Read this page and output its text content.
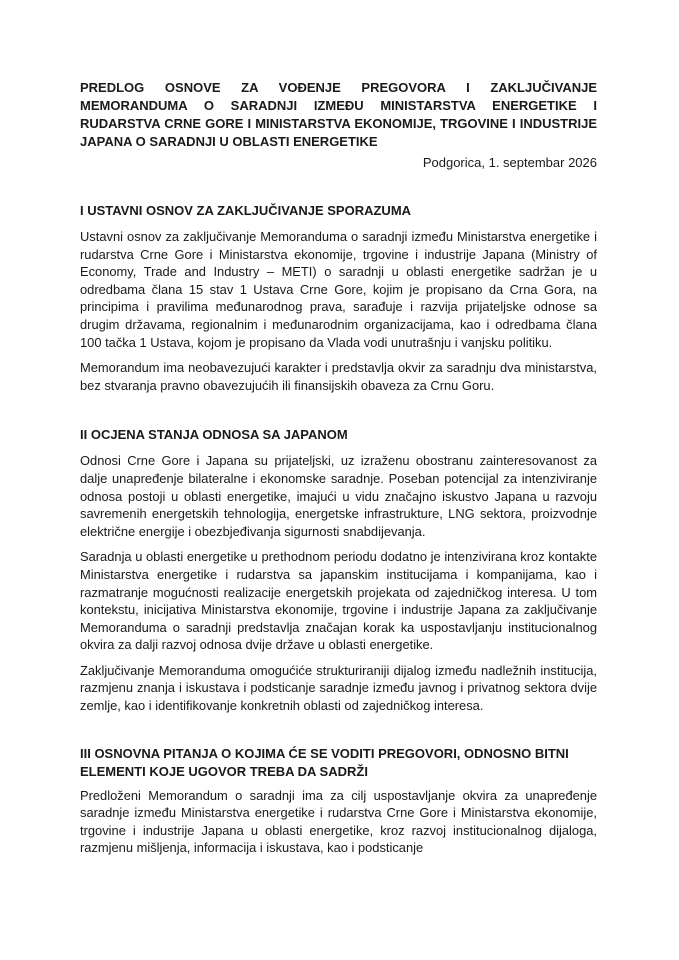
PREDLOG OSNOVE ZA VOĐENJE PREGOVORA I ZAKLJUČIVANJE MEMORANDUMA O SARADNJI IZMEĐU MINISTARSTVA ENERGETIKE I RUDARSTVA CRNE GORE I MINISTARSTVA EKONOMIJE, TRGOVINE I INDUSTRIJE JAPANA O SARADNJI U OBLASTI ENERGETIKE

Podgorica, 1. septembar 2026

I USTAVNI OSNOV ZA ZAKLJUČIVANJE SPORAZUMA

Ustavni osnov za zaključivanje Memoranduma o saradnji između Ministarstva energetike i rudarstva Crne Gore i Ministarstva ekonomije, trgovine i industrije Japana (Ministry of Economy, Trade and Industry – METI) o saradnji u oblasti energetike sadržan je u odredbama člana 15 stav 1 Ustava Crne Gore, kojim je propisano da Crna Gora, na principima i pravilima međunarodnog prava, sarađuje i razvija prijateljske odnose sa drugim državama, regionalnim i međunarodnim organizacijama, kao i odredbama člana 100 tačka 1 Ustava, kojom je propisano da Vlada vodi unutrašnju i vanjsku politiku.

Memorandum ima neobavezujući karakter i predstavlja okvir za saradnju dva ministarstva, bez stvaranja pravno obavezujućih ili finansijskih obaveza za Crnu Goru.

II OCJENA STANJA ODNOSA SA JAPANOM

Odnosi Crne Gore i Japana su prijateljski, uz izraženu obostranu zainteresovanost za dalje unapređenje bilateralne i ekonomske saradnje. Poseban potencijal za intenziviranje odnosa postoji u oblasti energetike, imajući u vidu značajno iskustvo Japana u razvoju savremenih energetskih tehnologija, energetske infrastrukture, LNG sektora, proizvodnje električne energije i obezbjeđivanja sigurnosti snabdijevanja.

Saradnja u oblasti energetike u prethodnom periodu dodatno je intenzivirana kroz kontakte Ministarstva energetike i rudarstva sa japanskim institucijama i kompanijama, kao i razmatranje mogućnosti realizacije energetskih projekata od zajedničkog interesa. U tom kontekstu, inicijativa Ministarstva ekonomije, trgovine i industrije Japana za zaključivanje Memoranduma o saradnji predstavlja značajan korak ka uspostavljanju institucionalnog okvira za dalji razvoj odnosa dvije države u oblasti energetike.

Zaključivanje Memoranduma omogućiće strukturiraniji dijalog između nadležnih institucija, razmjenu znanja i iskustava i podsticanje saradnje između javnog i privatnog sektora dvije zemlje, kao i identifikovanje konkretnih oblasti od zajedničkog interesa.

III OSNOVNA PITANJA O KOJIMA ĆE SE VODITI PREGOVORI, ODNOSNO BITNI ELEMENTI KOJE UGOVOR TREBA DA SADRŽI

Predloženi Memorandum o saradnji ima za cilj uspostavljanje okvira za unapređenje saradnje između Ministarstva energetike i rudarstva Crne Gore i Ministarstva ekonomije, trgovine i industrije Japana u oblasti energetike, kroz razvoj institucionalnog dijaloga, razmjenu mišljenja, informacija i iskustava, kao i podsticanje
